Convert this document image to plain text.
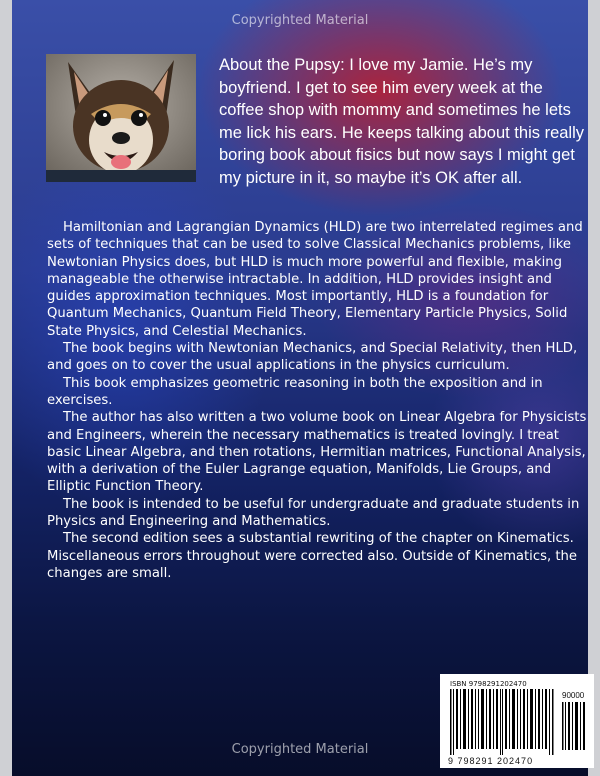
Copyrighted Material

About the Pupsy: I love my Jamie. He’s my boyfriend. I get to see him every week at the coffee shop with mommy and sometimes he lets me lick his ears. He keeps talking about this really boring book about fisics but now says I might get my picture in it, so maybe it’s OK after all.

Hamiltonian and Lagrangian Dynamics (HLD) are two interrelated regimes and sets of techniques that can be used to solve Classical Mechanics problems, like Newtonian Physics does, but HLD is much more powerful and flexible, making manageable the otherwise intractable. In addition, HLD provides insight and guides approximation techniques. Most importantly, HLD is a foundation for Quantum Mechanics, Quantum Field Theory, Elementary Particle Physics, Solid State Physics, and Celestial Mechanics.

The book begins with Newtonian Mechanics, and Special Relativity, then HLD, and goes on to cover the usual applications in the physics curriculum.

This book emphasizes geometric reasoning in both the exposition and in exercises.

The author has also written a two volume book on Linear Algebra for Physicists and Engineers, wherein the necessary mathematics is treated lovingly. I treat basic Linear Algebra, and then rotations, Hermitian matrices, Functional Analysis, with a derivation of the Euler Lagrange equation, Manifolds, Lie Groups, and Elliptic Function Theory.

The book is intended to be useful for undergraduate and graduate students in Physics and Engineering and Mathematics.

The second edition sees a substantial rewriting of the chapter on Kinematics. Miscellaneous errors throughout were corrected also. Outside of Kinematics, the changes are small.

ISBN 9798291202470
90000
9 798291 202470
Copyrighted Material
